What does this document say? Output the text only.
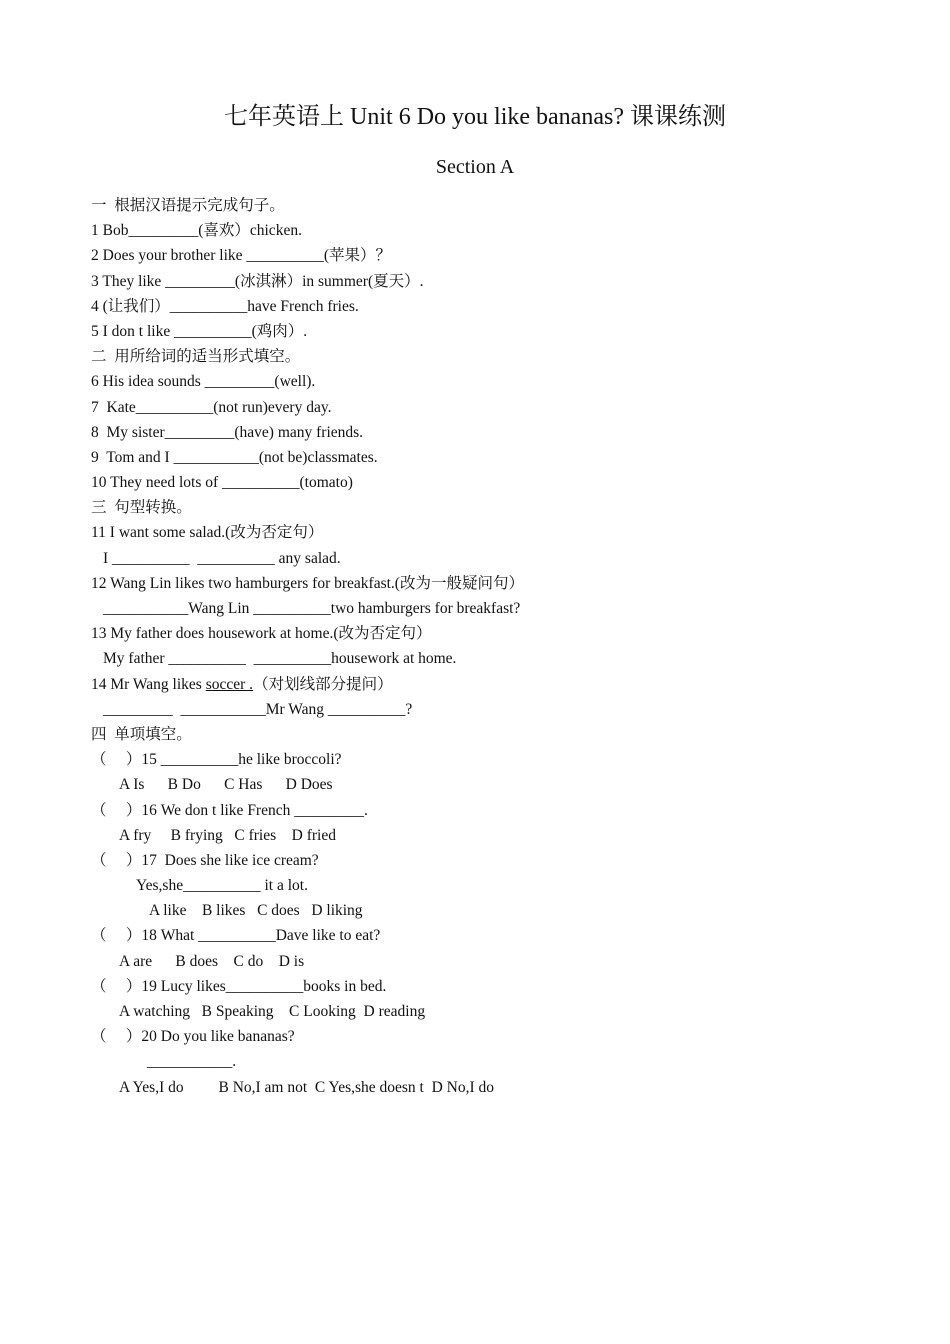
七年英语上 Unit 6 Do you like bananas? 课课练测
Section A
一  根据汉语提示完成句子。
1 Bob_________(喜欢）chicken.
2 Does your brother like __________(苹果）？
3 They like _________(冰淇淋）in summer(夏天）.
4 (让我们）__________have French fries.
5 I don t like __________(鸡肉）.
二  用所给词的适当形式填空。
6 His idea sounds _________(well).
7  Kate__________(not run)every day.
8  My sister_________(have) many friends.
9  Tom and I ___________(not be)classmates.
10 They need lots of __________(tomato)
三  句型转换。
11 I want some salad.(改为否定句）
I __________  __________ any salad.
12 Wang Lin likes two hamburgers for breakfast.(改为一般疑问句）
___________Wang Lin __________two hamburgers for breakfast?
13 My father does housework at home.(改为否定句）
My father __________  __________housework at home.
14 Mr Wang likes soccer .（对划线部分提问）
_________  ___________Mr Wang __________?
四  单项填空。
（     ）15 __________he like broccoli?
A Is      B Do      C Has      D Does
（     ）16 We don t like French _________.
A fry     B frying   C fries    D fried
（     ）17  Does she like ice cream?
Yes,she__________ it a lot.
A like    B likes   C does   D liking
（     ）18 What __________Dave like to eat?
A are      B does    C do    D is
（     ）19 Lucy likes__________books in bed.
A watching   B Speaking    C Looking  D reading
（     ）20 Do you like bananas?
___________.
A Yes,I do         B No,I am not  C Yes,she doesn t  D No,I do
